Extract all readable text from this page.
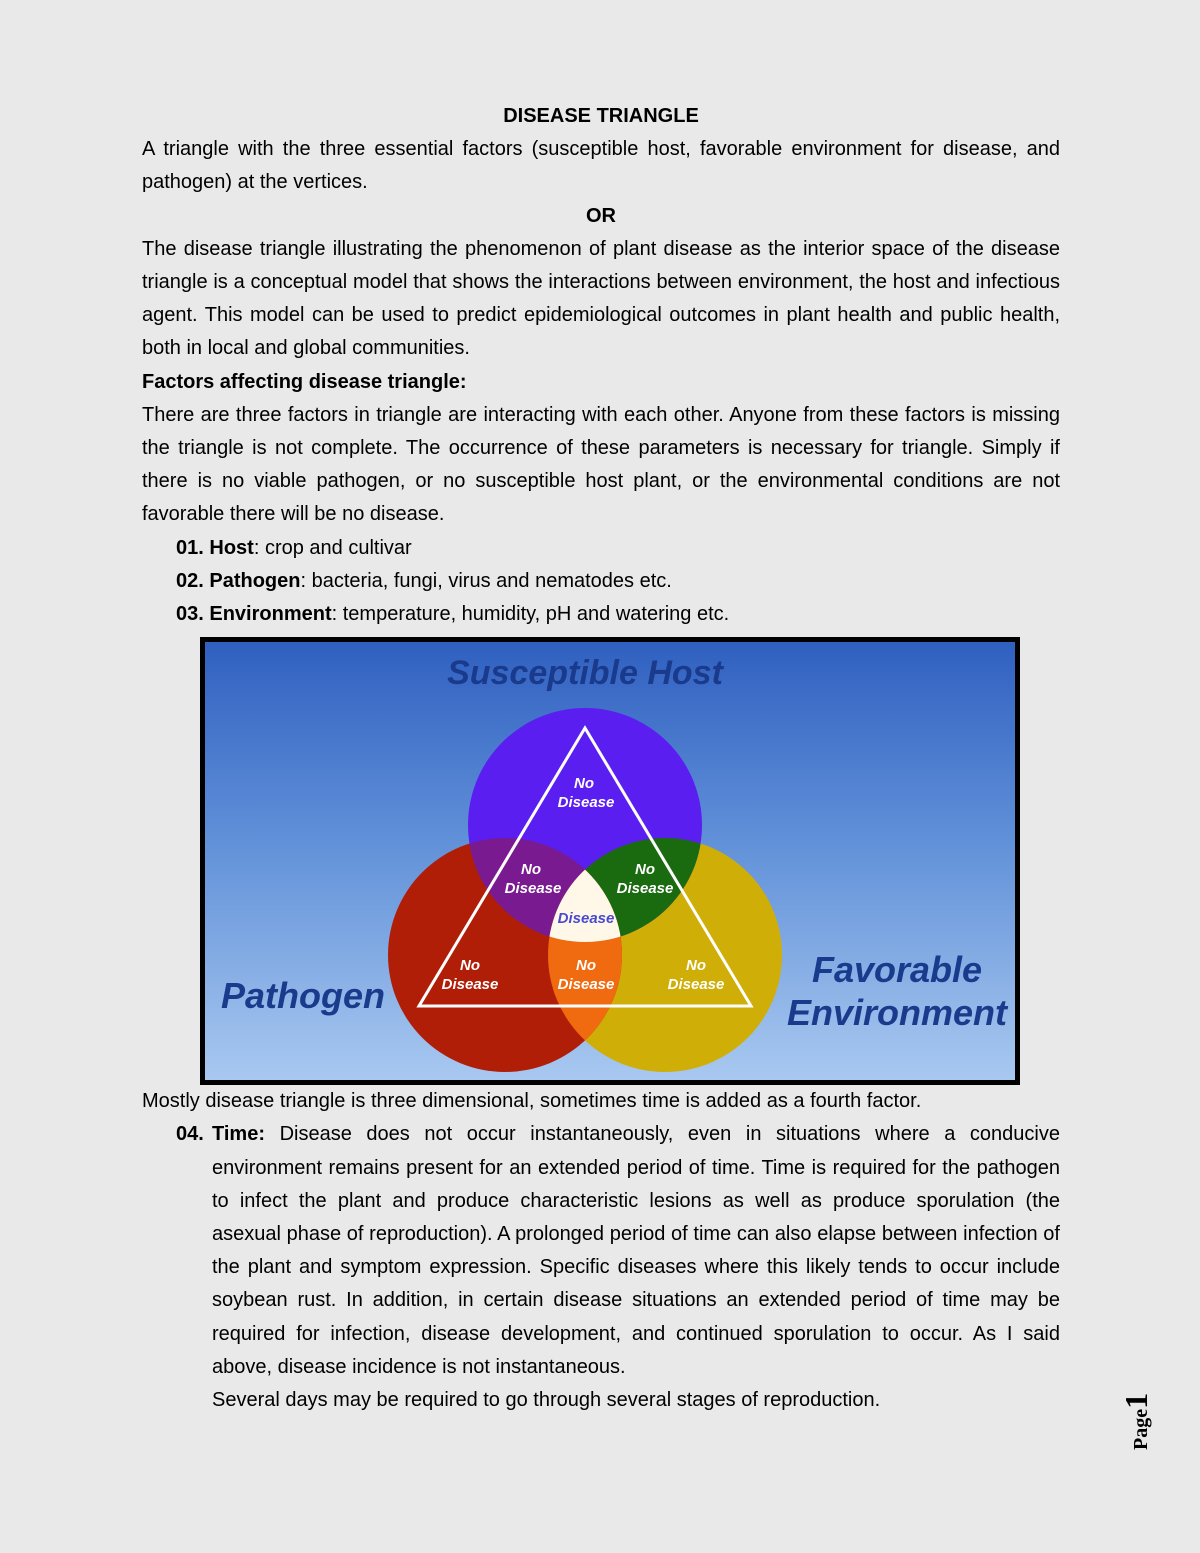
DISEASE TRIANGLE

A triangle with the three essential factors (susceptible host, favorable environment for disease, and pathogen) at the vertices.

OR

The disease triangle illustrating the phenomenon of plant disease as the interior space of the disease triangle is a conceptual model that shows the interactions between environment, the host and infectious agent. This model can be used to predict epidemiological outcomes in plant health and public health, both in local and global communities.

Factors affecting disease triangle:

There are three factors in triangle are interacting with each other. Anyone from these factors is missing the triangle is not complete. The occurrence of these parameters is necessary for triangle. Simply if there is no viable pathogen, or no susceptible host plant, or the environmental conditions are not favorable there will be no disease.

01. Host: crop and cultivar
02. Pathogen: bacteria, fungi, virus and nematodes etc.
03. Environment: temperature, humidity, pH and watering etc.
Susceptible Host
Pathogen
Favorable
Environment
No
Disease
No
Disease
No
Disease
Disease
No
Disease
No
Disease
No
Disease
Mostly disease triangle is three dimensional, sometimes time is added as a fourth factor.
04. Time: Disease does not occur instantaneously, even in situations where a conducive environment remains present for an extended period of time. Time is required for the pathogen to infect the plant and produce characteristic lesions as well as produce sporulation (the asexual phase of reproduction). A prolonged period of time can also elapse between infection of the plant and symptom expression. Specific diseases where this likely tends to occur include soybean rust. In addition, in certain disease situations an extended period of time may be required for infection, disease development, and continued sporulation to occur. As I said above, disease incidence is not instantaneous.
Several days may be required to go through several stages of reproduction.
Page1
